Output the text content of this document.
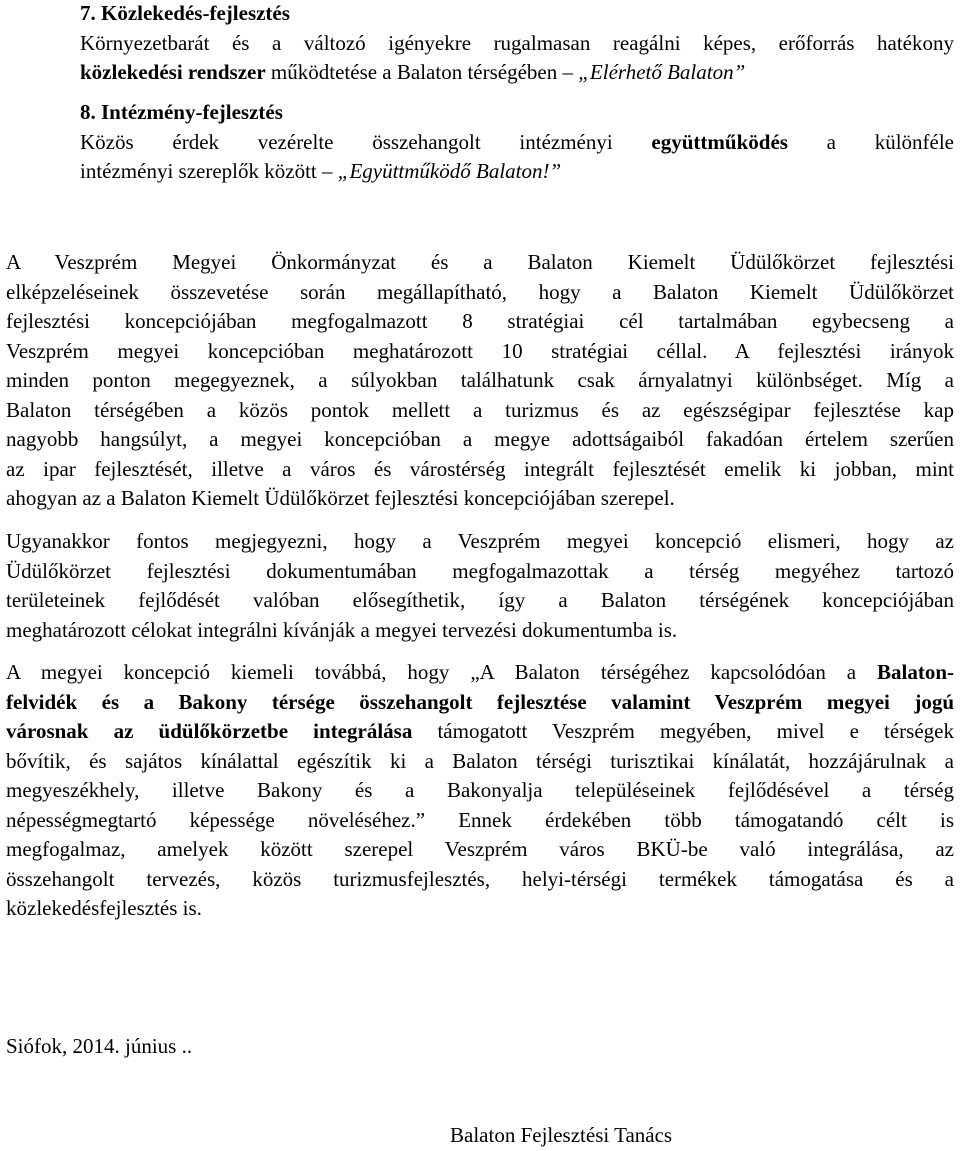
7. Közlekedés-fejlesztés
Környezetbarát és a változó igényekre rugalmasan reagálni képes, erőforrás hatékony
közlekedési rendszer működtetése a Balaton térségében – „Elérhető Balaton”
8. Intézmény-fejlesztés
Közös érdek vezérelte összehangolt intézményi együttműködés a különféle
intézményi szereplők között – „Együttműködő Balaton!”
A Veszprém Megyei Önkormányzat és a Balaton Kiemelt Üdülőkörzet fejlesztési
elképzeléseinek összevetése során megállapítható, hogy a Balaton Kiemelt Üdülőkörzet
fejlesztési koncepciójában megfogalmazott 8 stratégiai cél tartalmában egybecseng a
Veszprém megyei koncepcióban meghatározott 10 stratégiai céllal. A fejlesztési irányok
minden ponton megegyeznek, a súlyokban találhatunk csak árnyalatnyi különbséget. Míg a
Balaton térségében a közös pontok mellett a turizmus és az egészségipar fejlesztése kap
nagyobb hangsúlyt, a megyei koncepcióban a megye adottságaiból fakadóan értelem szerűen
az ipar fejlesztését, illetve a város és várostérség integrált fejlesztését emelik ki jobban, mint
ahogyan az a Balaton Kiemelt Üdülőkörzet fejlesztési koncepciójában szerepel.
Ugyanakkor fontos megjegyezni, hogy a Veszprém megyei koncepció elismeri, hogy az
Üdülőkörzet fejlesztési dokumentumában megfogalmazottak a térség megyéhez tartozó
területeinek fejlődését valóban elősegíthetik, így a Balaton térségének koncepciójában
meghatározott célokat integrálni kívánják a megyei tervezési dokumentumba is.
A megyei koncepció kiemeli továbbá, hogy „A Balaton térségéhez kapcsolódóan a Balaton-
felvidék és a Bakony térsége összehangolt fejlesztése valamint Veszprém megyei jogú
városnak az üdülőkörzetbe integrálása támogatott Veszprém megyében, mivel e térségek
bővítik, és sajátos kínálattal egészítik ki a Balaton térségi turisztikai kínálatát, hozzájárulnak a
megyeszékhely, illetve Bakony és a Bakonyalja településeinek fejlődésével a térség
népességmegtartó képessége növeléséhez.” Ennek érdekében több támogatandó célt is
megfogalmaz, amelyek között szerepel Veszprém város BKÜ-be való integrálása, az
összehangolt tervezés, közös turizmusfejlesztés, helyi-térségi termékek támogatása és a
közlekedésfejlesztés is.
Siófok, 2014. június ..
Balaton Fejlesztési Tanács
